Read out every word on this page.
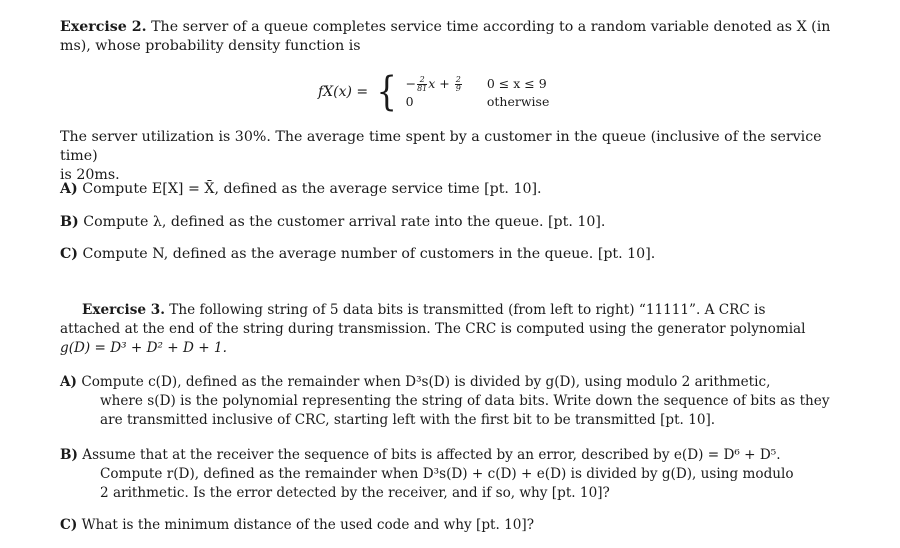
Exercise 2. The server of a queue completes service time according to a random variable denoted as X (in

ms), whose probability density function is

fX(x) = { − $\frac{2}{81}$ $x + \frac{2}{9} 0 \le x \le 9$
0	otherwise

The server utilization is 30%. The average time spent by a customer in the queue (inclusive of the service time)

is 20ms.

A) Compute E[X] = X̄, defined as the average service time [pt. 10].
B) Compute λ, defined as the customer arrival rate into the queue. [pt. 10].
C) Compute N, defined as the average number of customers in the queue. [pt. 10].

Exercise 3. The following string of 5 data bits is transmitted (from left to right) “11111”. A CRC is

attached at the end of the string during transmission. The CRC is computed using the generator polynomial

g(D) = D³ + D² + D + 1.

A) Compute c(D), defined as the remainder when D³s(D) is divided by g(D), using modulo 2 arithmetic,
where s(D) is the polynomial representing the string of data bits. Write down the sequence of bits as they
are transmitted inclusive of CRC, starting left with the first bit to be transmitted [pt. 10].
B) Assume that at the receiver the sequence of bits is affected by an error, described by e(D) = D⁶ + D⁵.
Compute r(D), defined as the remainder when D³s(D) + c(D) + e(D) is divided by g(D), using modulo
2 arithmetic. Is the error detected by the receiver, and if so, why [pt. 10]?
C) What is the minimum distance of the used code and why [pt. 10]?
